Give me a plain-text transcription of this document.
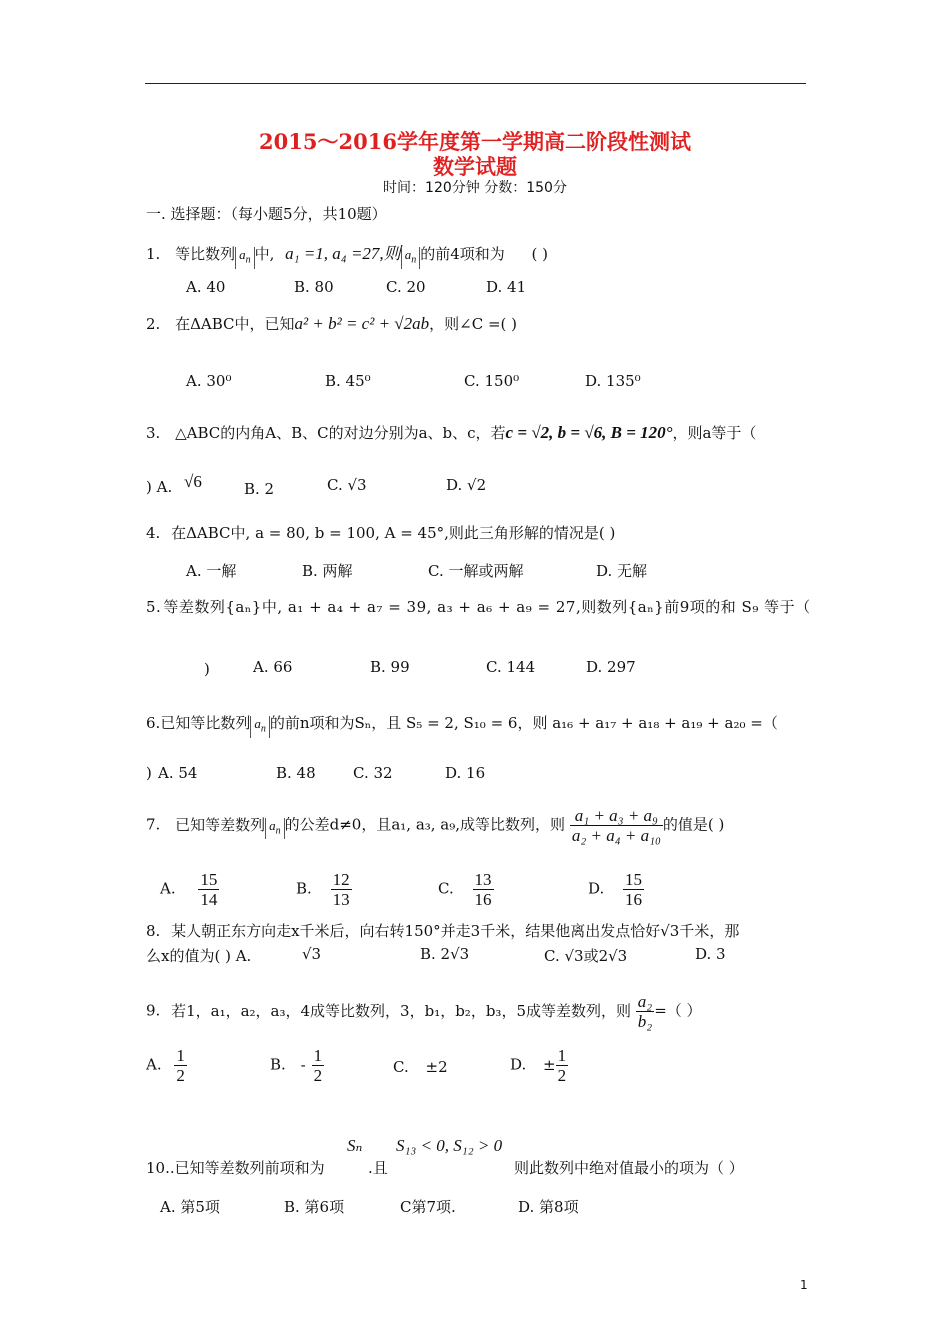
2015～2016学年度第一学期高二阶段性测试
数学试题
时间：120分钟 分数：150分
一. 选择题：（每小题5分，共10题）
1. 等比数列 $a_n$ 中, a₁ =1, a₄ =27,则 $a_n$ 的前4项和为 ( )
A. 40	B. 80	C. 20	D. 41
2. 在ΔABC中，已知a² + b² = c² + √2ab，则∠C =( )
A. 30⁰	B. 45⁰	C. 150⁰	D. 135⁰
3. △ABC的内角A、B、C的对边分别为a、b、c，若c = √2, b = √6, B = 120°，则a等于（
) A. √6	B. 2	C. √3	D. √2
4. 在ΔABC中, a = 80, b = 100, A = 45°,则此三角形解的情况是( )
A. 一解	B. 两解	C. 一解或两解	D. 无解
5. 等差数列{aₙ}中, a₁ + a₄ + a₇ = 39, a₃ + a₆ + a₉ = 27,则数列{aₙ}前9项的和 S₉ 等于（
)	A. 66	B. 99	C. 144	D. 297
6.已知等比数列 $a_n$ 的前n项和为Sₙ，且 S₅ = 2, S₁₀ = 6，则 a₁₆ + a₁₇ + a₁₈ + a₁₉ + a₂₀ =（
) A. 54	B. 48 C. 32	D. 16
7. 已知等差数列 $a_n$ 的公差d≠0，且a₁, a₃, a₉,成等比数列，则 $\frac{\text{a₁ + a₃ + a₉}}{\text{a₂ + a₄ + a₁₀}}$ 的值是( )
A. $\frac{15}{14}$	B. $\frac{12}{13}$	C. $\frac{13}{16}$	D. $\frac{15}{16}$
8. 某人朝正东方向走x千米后，向右转150°并走3千米，结果他离出发点恰好√3千米，那
么x的值为( ) A.	√3	B. 2√3	C. √3或2√3	D. 3
9. 若1，a₁，a₂，a₃，4成等比数列，3，b₁，b₂，b₃，5成等差数列，则 $\frac{\text{a₂}}{\text{b₂}}$ =（ ）
A. $\frac{1}{2}$	B. - $\frac{1}{2}$	C. ±2	D. ± $\frac{1}{2}$
Sₙ S₁₃ < 0, S₁₂ > 0
10..已知等差数列前项和为	.且	则此数列中绝对值最小的项为（ ）
A. 第5项	B. 第6项	C第7项.	D. 第8项
1
